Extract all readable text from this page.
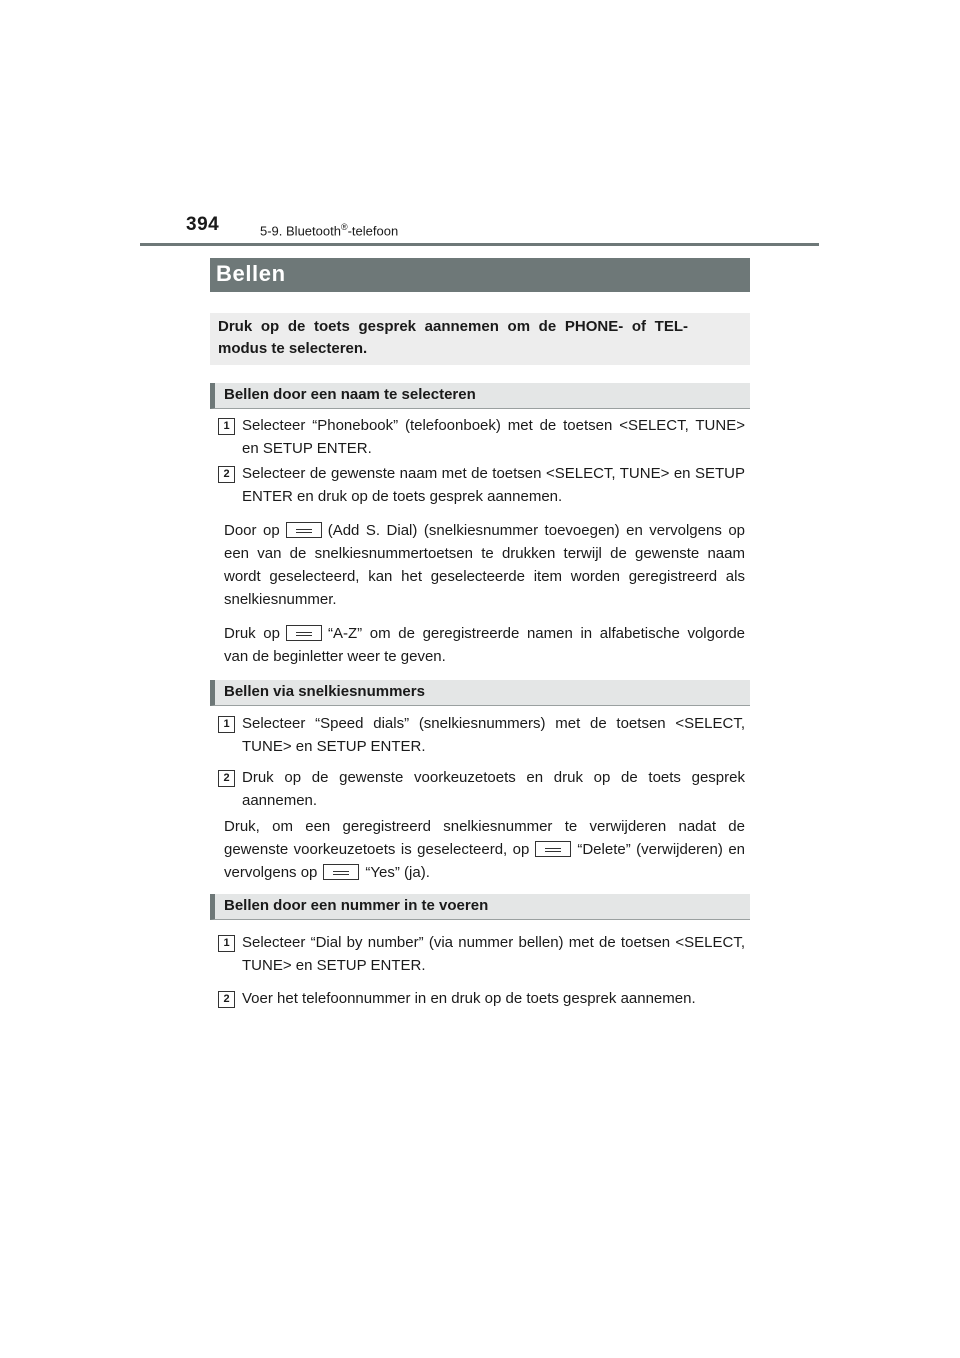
394	5-9. Bluetooth®-telefoon
Bellen
Druk op de toets gesprek aannemen om de PHONE- of TEL-modus te selecteren.
Bellen door een naam te selecteren
1 Selecteer “Phonebook” (telefoonboek) met de toetsen <SELECT, TUNE> en SETUP ENTER.
2 Selecteer de gewenste naam met de toetsen <SELECT, TUNE> en SETUP ENTER en druk op de toets gesprek aannemen.
Door op	(Add S. Dial) (snelkiesnummer toevoegen) en vervolgens op een van de snelkiesnummertoetsen te drukken terwijl de gewenste naam wordt geselecteerd, kan het geselecteerde item worden geregistreerd als snelkiesnummer.
Druk op	“A-Z” om de geregistreerde namen in alfabetische volgorde van de beginletter weer te geven.
Bellen via snelkiesnummers
1 Selecteer “Speed dials” (snelkiesnummers) met de toetsen <SELECT, TUNE> en SETUP ENTER.
2 Druk op de gewenste voorkeuzetoets en druk op de toets gesprek aannemen.
Druk, om een geregistreerd snelkiesnummer te verwijderen nadat de gewenste voorkeuzetoets is geselecteerd, op	“Delete” (verwijderen) en vervolgens op	“Yes” (ja).
Bellen door een nummer in te voeren
1 Selecteer “Dial by number” (via nummer bellen) met de toetsen <SELECT, TUNE> en SETUP ENTER.
2 Voer het telefoonnummer in en druk op de toets gesprek aannemen.
